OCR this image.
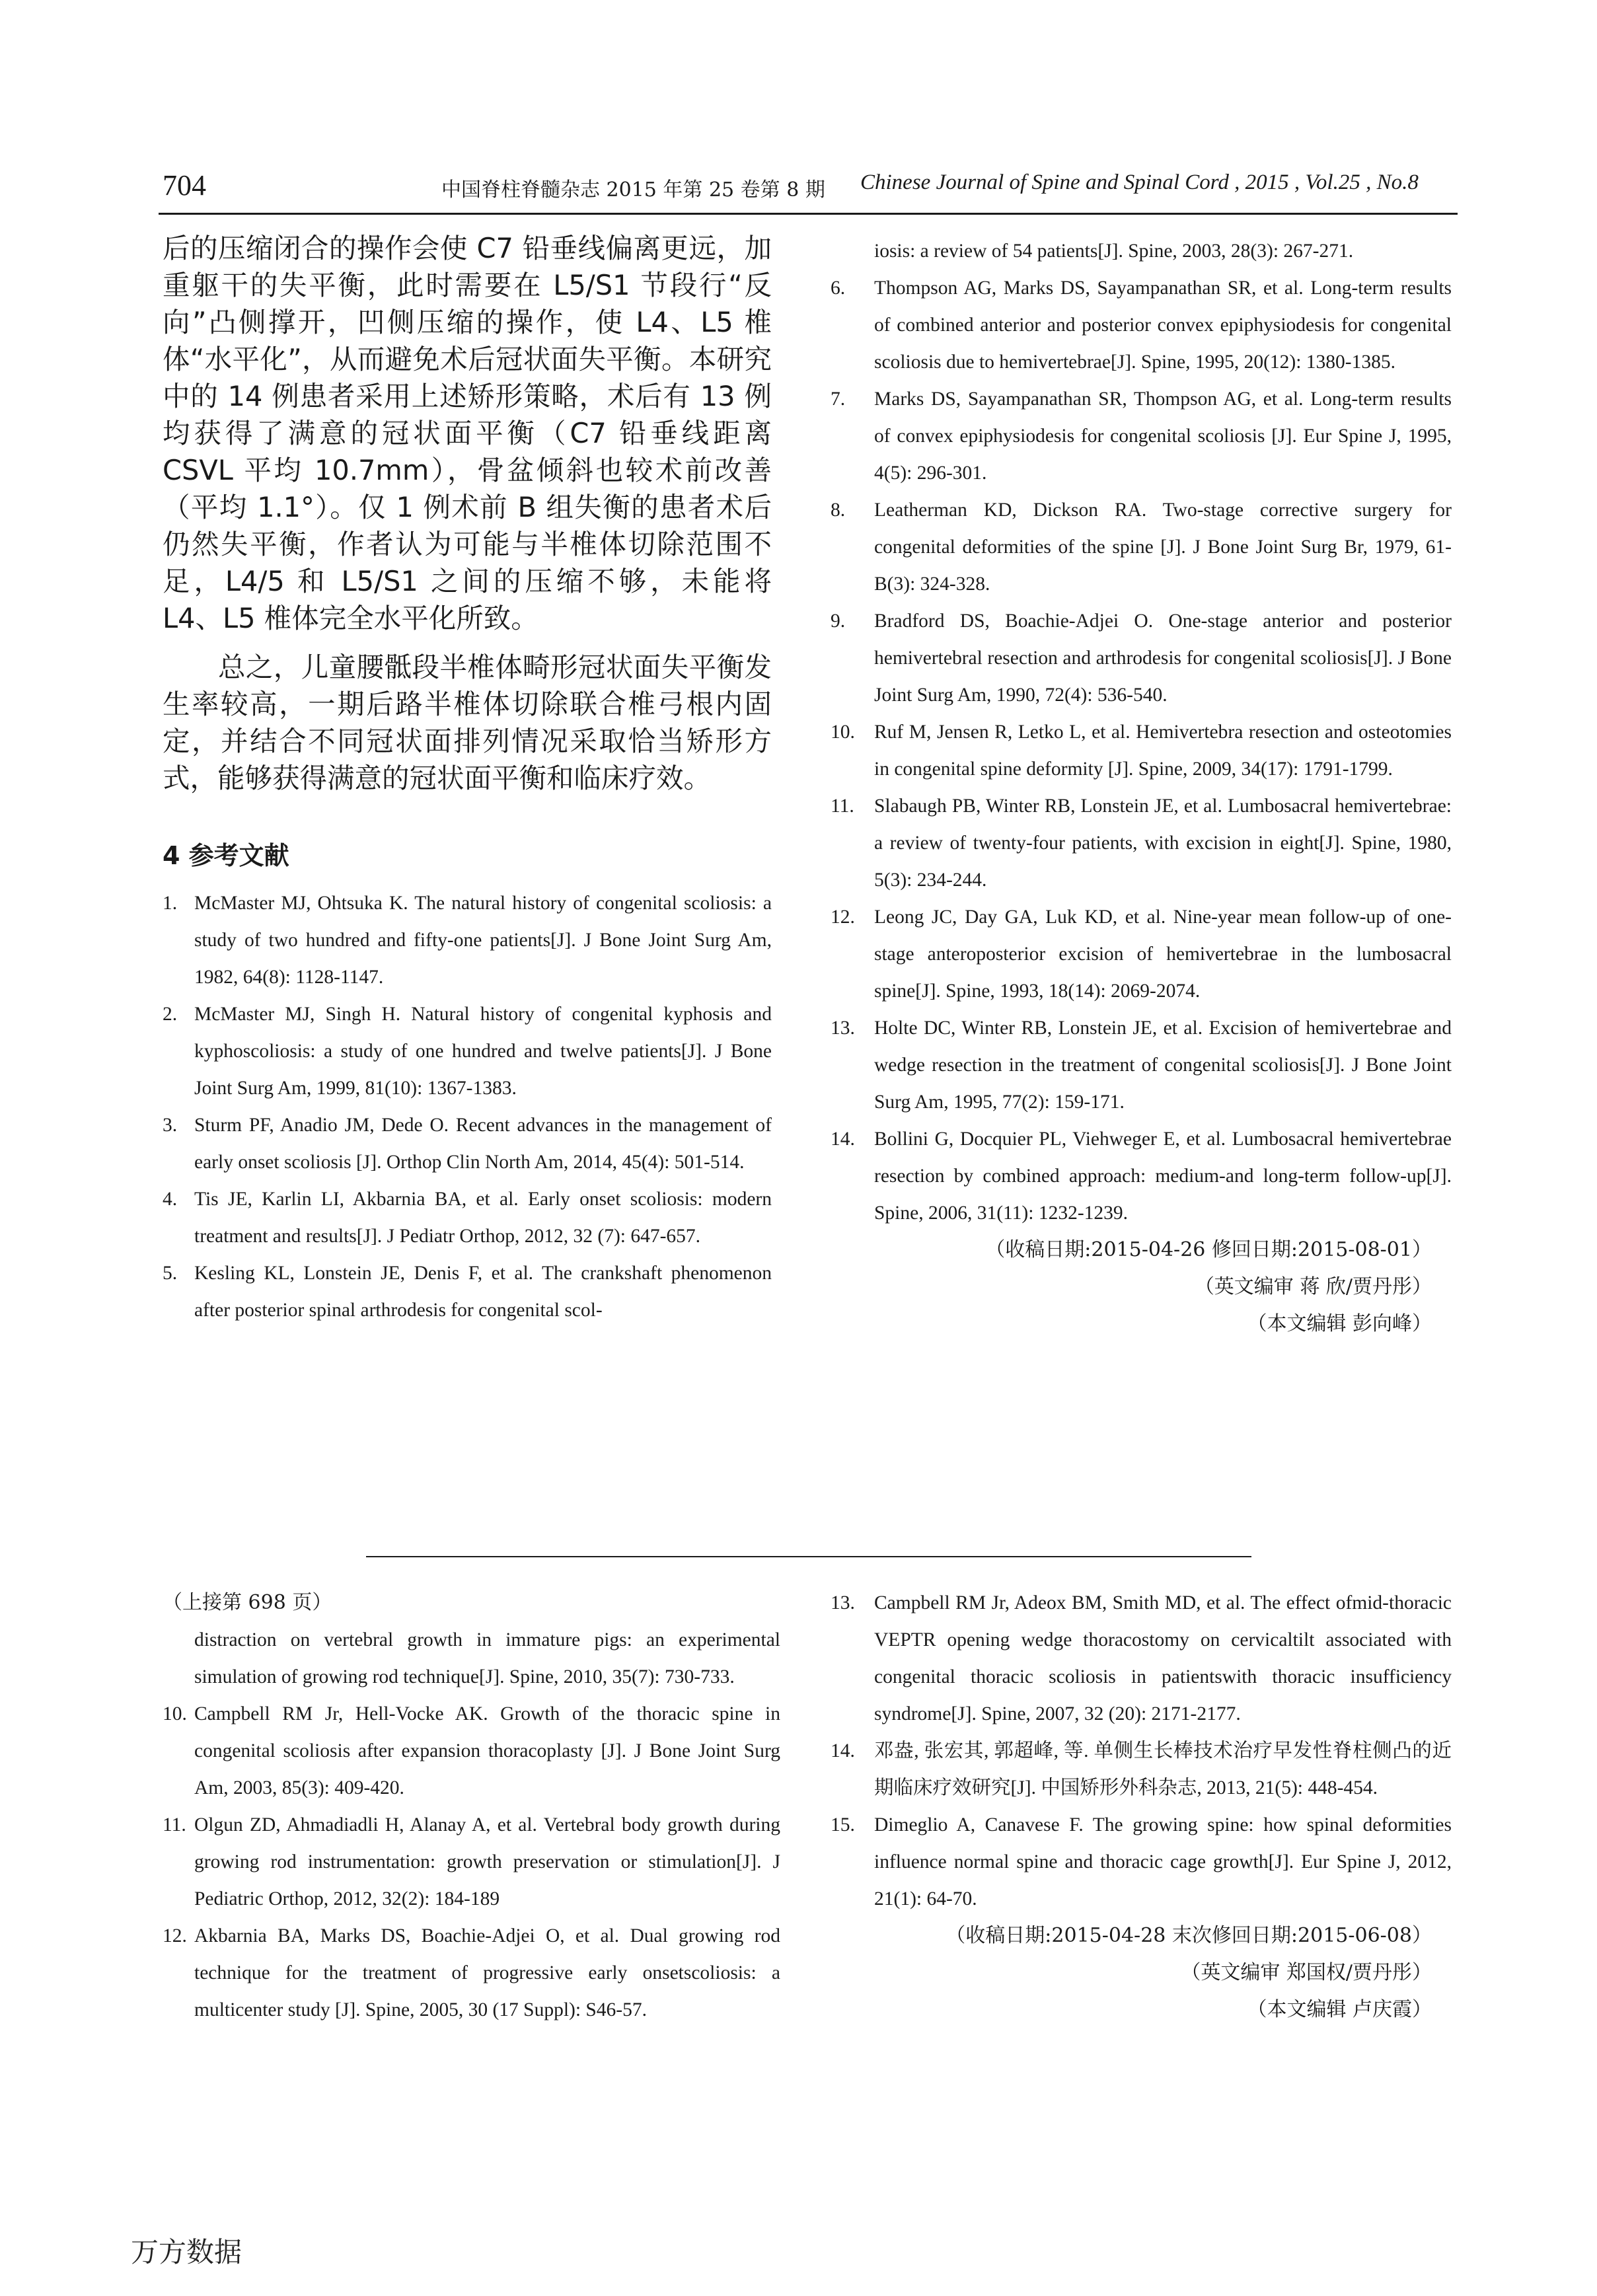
704	中国脊柱脊髓杂志 2015 年第 25 卷第 8 期 Chinese Journal of Spine and Spinal Cord , 2015 , Vol.25 , No.8

后的压缩闭合的操作会使 C7 铅垂线偏离更远，加重躯干的失平衡，此时需要在 L5/S1 节段行“反向”凸侧撑开，凹侧压缩的操作，使 L4、L5 椎体“水平化”，从而避免术后冠状面失平衡。本研究中的 14 例患者采用上述矫形策略，术后有 13 例均获得了满意的冠状面平衡（C7 铅垂线距离 CSVL 平均 10.7mm），骨盆倾斜也较术前改善（平均 1.1°）。仅 1 例术前 B 组失衡的患者术后仍然失平衡，作者认为可能与半椎体切除范围不足，L4/5 和 L5/S1 之间的压缩不够，未能将 L4、L5 椎体完全水平化所致。

总之，儿童腰骶段半椎体畸形冠状面失平衡发生率较高，一期后路半椎体切除联合椎弓根内固定，并结合不同冠状面排列情况采取恰当矫形方式，能够获得满意的冠状面平衡和临床疗效。

4 参考文献
1. McMaster MJ, Ohtsuka K. The natural history of congenital scoliosis: a study of two hundred and fifty-one patients[J]. J Bone Joint Surg Am, 1982, 64(8): 1128-1147.
2. McMaster MJ, Singh H. Natural history of congenital kyphosis and kyphoscoliosis: a study of one hundred and twelve patients[J]. J Bone Joint Surg Am, 1999, 81(10): 1367-1383.
3. Sturm PF, Anadio JM, Dede O. Recent advances in the management of early onset scoliosis [J]. Orthop Clin North Am, 2014, 45(4): 501-514.
4. Tis JE, Karlin LI, Akbarnia BA, et al. Early onset scoliosis: modern treatment and results[J]. J Pediatr Orthop, 2012, 32 (7): 647-657.
5. Kesling KL, Lonstein JE, Denis F, et al. The crankshaft phenomenon after posterior spinal arthrodesis for congenital scol-
iosis: a review of 54 patients[J]. Spine, 2003, 28(3): 267-271.
6. Thompson AG, Marks DS, Sayampanathan SR, et al. Long-term results of combined anterior and posterior convex epiphysiodesis for congenital scoliosis due to hemivertebrae[J]. Spine, 1995, 20(12): 1380-1385.
7. Marks DS, Sayampanathan SR, Thompson AG, et al. Long-term results of convex epiphysiodesis for congenital scoliosis [J]. Eur Spine J, 1995, 4(5): 296-301.
8. Leatherman KD, Dickson RA. Two-stage corrective surgery for congenital deformities of the spine [J]. J Bone Joint Surg Br, 1979, 61-B(3): 324-328.
9. Bradford DS, Boachie-Adjei O. One-stage anterior and posterior hemivertebral resection and arthrodesis for congenital scoliosis[J]. J Bone Joint Surg Am, 1990, 72(4): 536-540.
10. Ruf M, Jensen R, Letko L, et al. Hemivertebra resection and osteotomies in congenital spine deformity [J]. Spine, 2009, 34(17): 1791-1799.
11. Slabaugh PB, Winter RB, Lonstein JE, et al. Lumbosacral hemivertebrae: a review of twenty-four patients, with excision in eight[J]. Spine, 1980, 5(3): 234-244.
12. Leong JC, Day GA, Luk KD, et al. Nine-year mean follow-up of one-stage anteroposterior excision of hemivertebrae in the lumbosacral spine[J]. Spine, 1993, 18(14): 2069-2074.
13. Holte DC, Winter RB, Lonstein JE, et al. Excision of hemivertebrae and wedge resection in the treatment of congenital scoliosis[J]. J Bone Joint Surg Am, 1995, 77(2): 159-171.
14. Bollini G, Docquier PL, Viehweger E, et al. Lumbosacral hemivertebrae resection by combined approach: medium-and long-term follow-up[J]. Spine, 2006, 31(11): 1232-1239.
（收稿日期:2015-04-26 修回日期:2015-08-01）
（英文编审 蒋 欣/贾丹彤）
（本文编辑 彭向峰）
（上接第 698 页）
distraction on vertebral growth in immature pigs: an experimental simulation of growing rod technique[J]. Spine, 2010, 35(7): 730-733.
10. Campbell RM Jr, Hell-Vocke AK. Growth of the thoracic spine in congenital scoliosis after expansion thoracoplasty [J]. J Bone Joint Surg Am, 2003, 85(3): 409-420.
11. Olgun ZD, Ahmadiadli H, Alanay A, et al. Vertebral body growth during growing rod instrumentation: growth preservation or stimulation[J]. J Pediatric Orthop, 2012, 32(2): 184-189
12. Akbarnia BA, Marks DS, Boachie-Adjei O, et al. Dual growing rod technique for the treatment of progressive early onsetscoliosis: a multicenter study [J]. Spine, 2005, 30 (17 Suppl): S46-57.
13. Campbell RM Jr, Adeox BM, Smith MD, et al. The effect ofmid-thoracic VEPTR opening wedge thoracostomy on cervicaltilt associated with congenital thoracic scoliosis in patientswith thoracic insufficiency syndrome[J]. Spine, 2007, 32 (20): 2171-2177.
14. 邓盎, 张宏其, 郭超峰, 等. 单侧生长棒技术治疗早发性脊柱侧凸的近期临床疗效研究[J]. 中国矫形外科杂志, 2013, 21(5): 448-454.
15. Dimeglio A, Canavese F. The growing spine: how spinal deformities influence normal spine and thoracic cage growth[J]. Eur Spine J, 2012, 21(1): 64-70.
（收稿日期:2015-04-28 末次修回日期:2015-06-08）
（英文编审 郑国权/贾丹彤）
（本文编辑 卢庆霞）
万方数据
